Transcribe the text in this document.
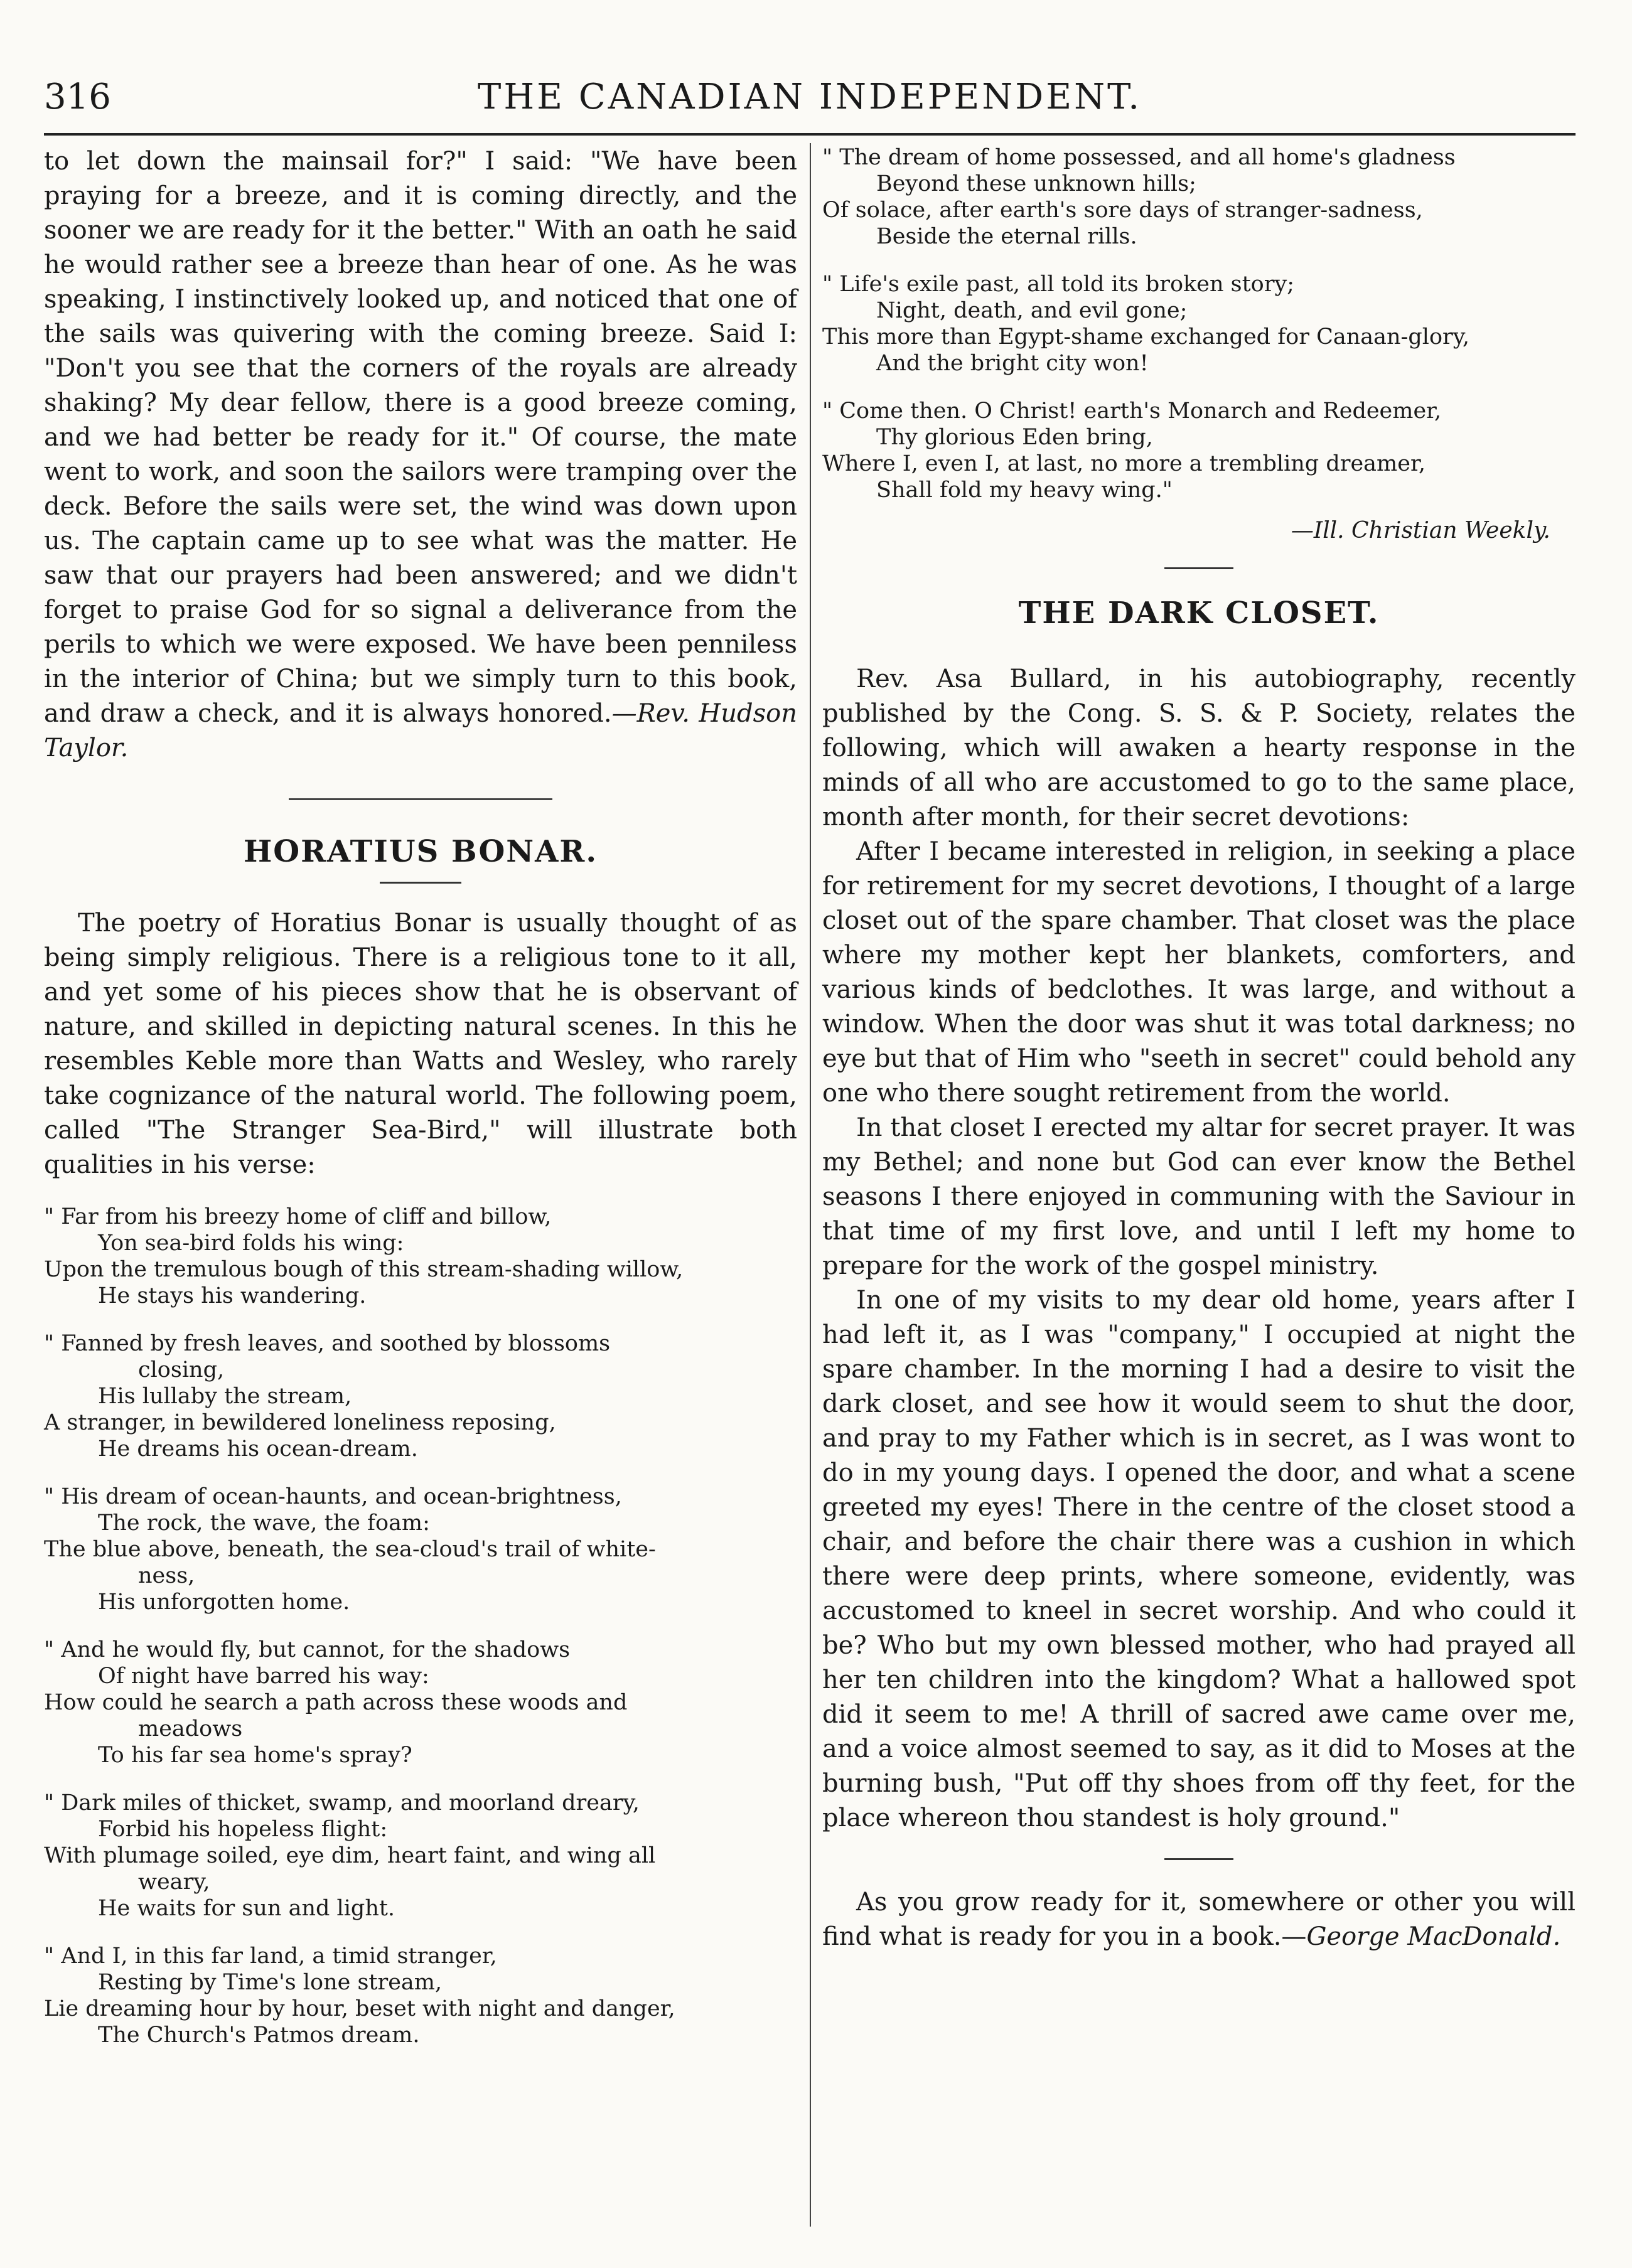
316	THE CANADIAN INDEPENDENT.

to let down the mainsail for?" I said: "We have been praying for a breeze, and it is coming directly, and the sooner we are ready for it the better." With an oath he said he would rather see a breeze than hear of one. As he was speaking, I instinctively looked up, and noticed that one of the sails was quivering with the coming breeze. Said I: "Don't you see that the corners of the royals are already shaking? My dear fellow, there is a good breeze coming, and we had better be ready for it." Of course, the mate went to work, and soon the sailors were tramping over the deck. Before the sails were set, the wind was down upon us. The captain came up to see what was the matter. He saw that our prayers had been answered; and we didn't forget to praise God for so signal a deliverance from the perils to which we were exposed. We have been penniless in the interior of China; but we simply turn to this book, and draw a check, and it is always honored.—Rev. Hudson Taylor.

HORATIUS BONAR.

The poetry of Horatius Bonar is usually thought of as being simply religious. There is a religious tone to it all, and yet some of his pieces show that he is observant of nature, and skilled in depicting natural scenes. In this he resembles Keble more than Watts and Wesley, who rarely take cognizance of the natural world. The following poem, called "The Stranger Sea-Bird," will illustrate both qualities in his verse:

" Far from his breezy home of cliff and billow,
Yon sea-bird folds his wing:
Upon the tremulous bough of this stream-shading willow,
He stays his wandering.
" Fanned by fresh leaves, and soothed by blossoms
closing,
His lullaby the stream,
A stranger, in bewildered loneliness reposing,
He dreams his ocean-dream.
" His dream of ocean-haunts, and ocean-brightness,
The rock, the wave, the foam:
The blue above, beneath, the sea-cloud's trail of white-
ness,
His unforgotten home.
" And he would fly, but cannot, for the shadows
Of night have barred his way:
How could he search a path across these woods and
meadows
To his far sea home's spray?
" Dark miles of thicket, swamp, and moorland dreary,
Forbid his hopeless flight:
With plumage soiled, eye dim, heart faint, and wing all
weary,
He waits for sun and light.
" And I, in this far land, a timid stranger,
Resting by Time's lone stream,
Lie dreaming hour by hour, beset with night and danger,
The Church's Patmos dream.
" The dream of home possessed, and all home's gladness
Beyond these unknown hills;
Of solace, after earth's sore days of stranger-sadness,
Beside the eternal rills.
" Life's exile past, all told its broken story;
Night, death, and evil gone;
This more than Egypt-shame exchanged for Canaan-glory,
And the bright city won!
" Come then. O Christ! earth's Monarch and Redeemer,
Thy glorious Eden bring,
Where I, even I, at last, no more a trembling dreamer,
Shall fold my heavy wing."
—Ill. Christian Weekly.
THE DARK CLOSET.

Rev. Asa Bullard, in his autobiography, recently published by the Cong. S. S. & P. Society, relates the following, which will awaken a hearty response in the minds of all who are accustomed to go to the same place, month after month, for their secret devotions:

After I became interested in religion, in seeking a place for retirement for my secret devotions, I thought of a large closet out of the spare chamber. That closet was the place where my mother kept her blankets, comforters, and various kinds of bedclothes. It was large, and without a window. When the door was shut it was total darkness; no eye but that of Him who "seeth in secret" could behold any one who there sought retirement from the world.

In that closet I erected my altar for secret prayer. It was my Bethel; and none but God can ever know the Bethel seasons I there enjoyed in communing with the Saviour in that time of my first love, and until I left my home to prepare for the work of the gospel ministry.

In one of my visits to my dear old home, years after I had left it, as I was "company," I occupied at night the spare chamber. In the morning I had a desire to visit the dark closet, and see how it would seem to shut the door, and pray to my Father which is in secret, as I was wont to do in my young days. I opened the door, and what a scene greeted my eyes! There in the centre of the closet stood a chair, and before the chair there was a cushion in which there were deep prints, where someone, evidently, was accustomed to kneel in secret worship. And who could it be? Who but my own blessed mother, who had prayed all her ten children into the kingdom? What a hallowed spot did it seem to me! A thrill of sacred awe came over me, and a voice almost seemed to say, as it did to Moses at the burning bush, "Put off thy shoes from off thy feet, for the place whereon thou standest is holy ground."

As you grow ready for it, somewhere or other you will find what is ready for you in a book.—George MacDonald.
